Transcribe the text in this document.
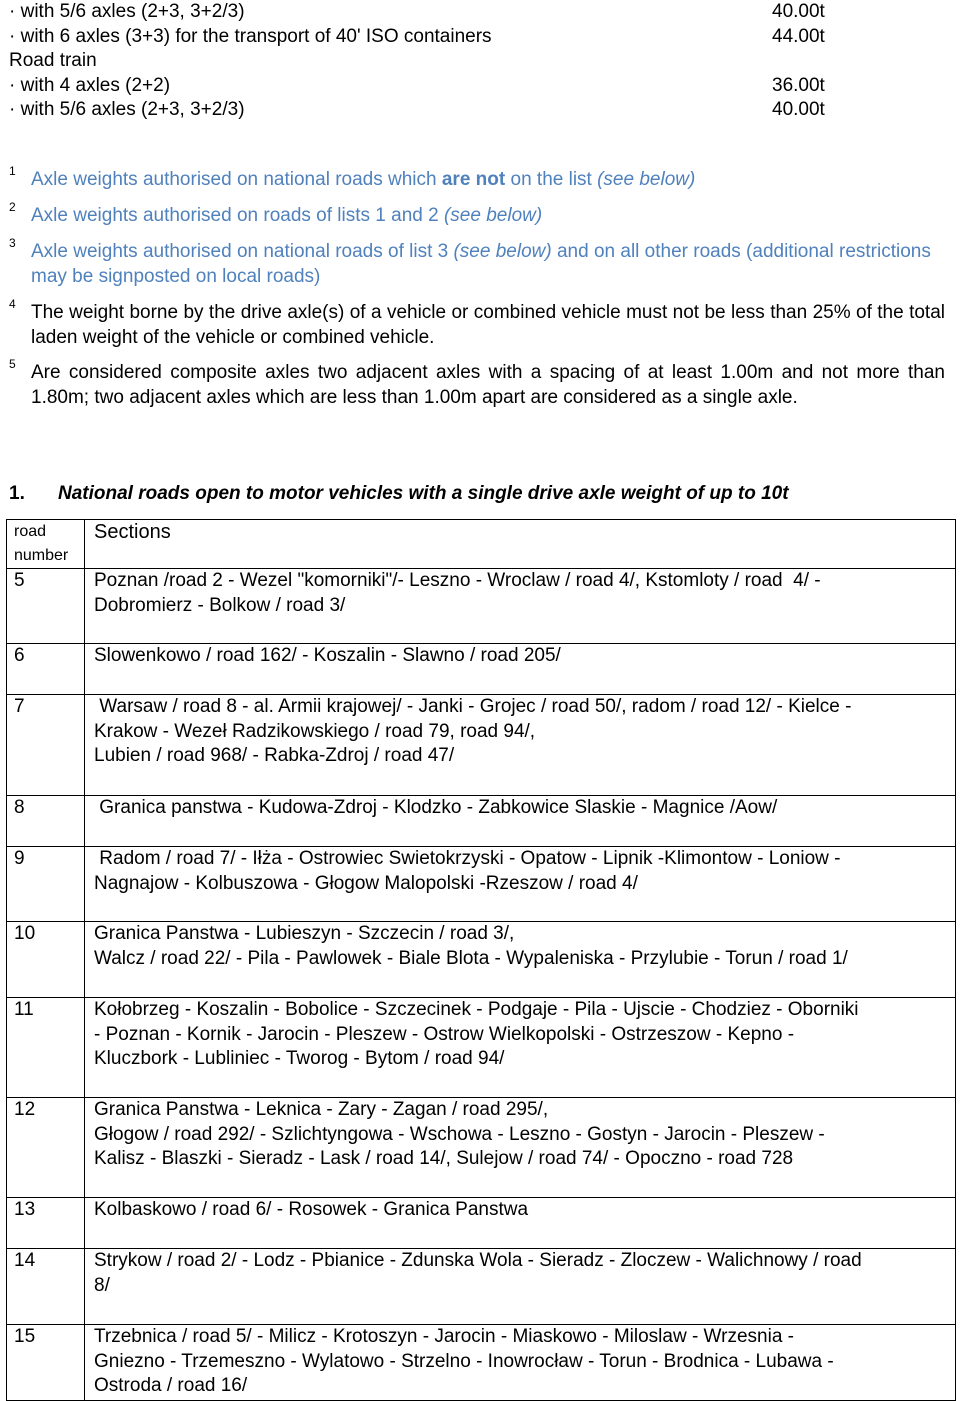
· with 5/6 axles (2+3, 3+2/3)	40.00t
· with 6 axles (3+3) for the transport of 40' ISO containers	44.00t
Road train
· with 4 axles (2+2)	36.00t
· with 5/6 axles (2+3, 3+2/3)	40.00t
1 Axle weights authorised on national roads which are not on the list (see below)
2 Axle weights authorised on roads of lists 1 and 2 (see below)
3 Axle weights authorised on national roads of list 3 (see below) and on all other roads (additional restrictions may be signposted on local roads)
4 The weight borne by the drive axle(s) of a vehicle or combined vehicle must not be less than 25% of the total laden weight of the vehicle or combined vehicle.
5 Are considered composite axles two adjacent axles with a spacing of at least 1.00m and not more than 1.80m; two adjacent axles which are less than 1.00m apart are considered as a single axle.
1. National roads open to motor vehicles with a single drive axle weight of up to 10t
road
number	Sections
5	Poznan /road 2 - Wezel "komorniki"/- Leszno - Wroclaw / road 4/, Kstomloty / road  4/ -
Dobromierz - Bolkow / road 3/

6	Slowenkowo / road 162/ - Koszalin - Slawno / road 205/

7	Warsaw / road 8 - al. Armii krajowej/ - Janki - Grojec / road 50/, radom / road 12/ - Kielce -
Krakow - Wezeł Radzikowskiego / road 79, road 94/,
Lubien / road 968/ - Rabka-Zdroj / road 47/

8	Granica panstwa - Kudowa-Zdroj - Klodzko - Zabkowice Slaskie - Magnice /Aow/

9	Radom / road 7/ - Iłża - Ostrowiec Swietokrzyski - Opatow - Lipnik -Klimontow - Loniow -
Nagnajow - Kolbuszowa - Głogow Malopolski -Rzeszow / road 4/

10	Granica Panstwa - Lubieszyn - Szczecin / road 3/,
Walcz / road 22/ - Pila - Pawlowek - Biale Blota - Wypaleniska - Przylubie - Torun / road 1/

11	Kołobrzeg - Koszalin - Bobolice - Szczecinek - Podgaje - Pila - Ujscie - Chodziez - Oborniki
- Poznan - Kornik - Jarocin - Pleszew - Ostrow Wielkopolski - Ostrzeszow - Kepno -
Kluczbork - Lubliniec - Tworog - Bytom / road 94/

12	Granica Panstwa - Leknica - Zary - Zagan / road 295/,
Głogow / road 292/ - Szlichtyngowa - Wschowa - Leszno - Gostyn - Jarocin - Pleszew -
Kalisz - Blaszki - Sieradz - Lask / road 14/, Sulejow / road 74/ - Opoczno - road 728

13	Kolbaskowo / road 6/ - Rosowek - Granica Panstwa

14	Strykow / road 2/ - Lodz - Pbianice - Zdunska Wola - Sieradz - Zloczew - Walichnowy / road
8/

15	Trzebnica / road 5/ - Milicz - Krotoszyn - Jarocin - Miaskowo - Miloslaw - Wrzesnia -
Gniezno - Trzemeszno - Wylatowo - Strzelno - Inowrocław - Torun - Brodnica - Lubawa -
Ostroda / road 16/
